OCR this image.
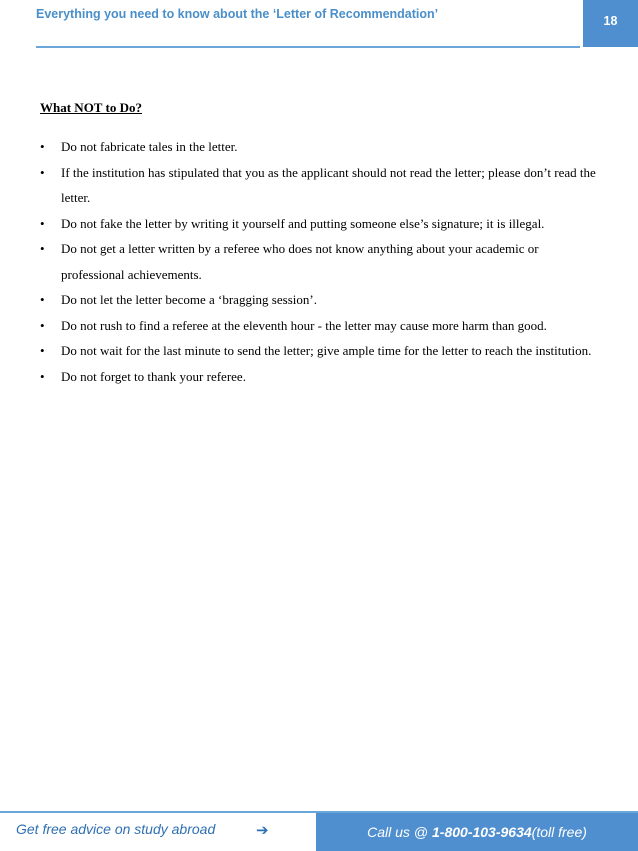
Everything you need to know about the ‘Letter of Recommendation’	18
What NOT to Do?
• Do not fabricate tales in the letter.
• If the institution has stipulated that you as the applicant should not read the letter; please don’t read the letter.
• Do not fake the letter by writing it yourself and putting someone else’s signature; it is illegal.
• Do not get a letter written by a referee who does not know anything about your academic or professional achievements.
• Do not let the letter become a ‘bragging session’.
• Do not rush to find a referee at the eleventh hour - the letter may cause more harm than good.
• Do not wait for the last minute to send the letter; give ample time for the letter to reach the institution.
• Do not forget to thank your referee.
Get free advice on study abroad	➔	Call us @ 1-800-103-9634 (toll free)
